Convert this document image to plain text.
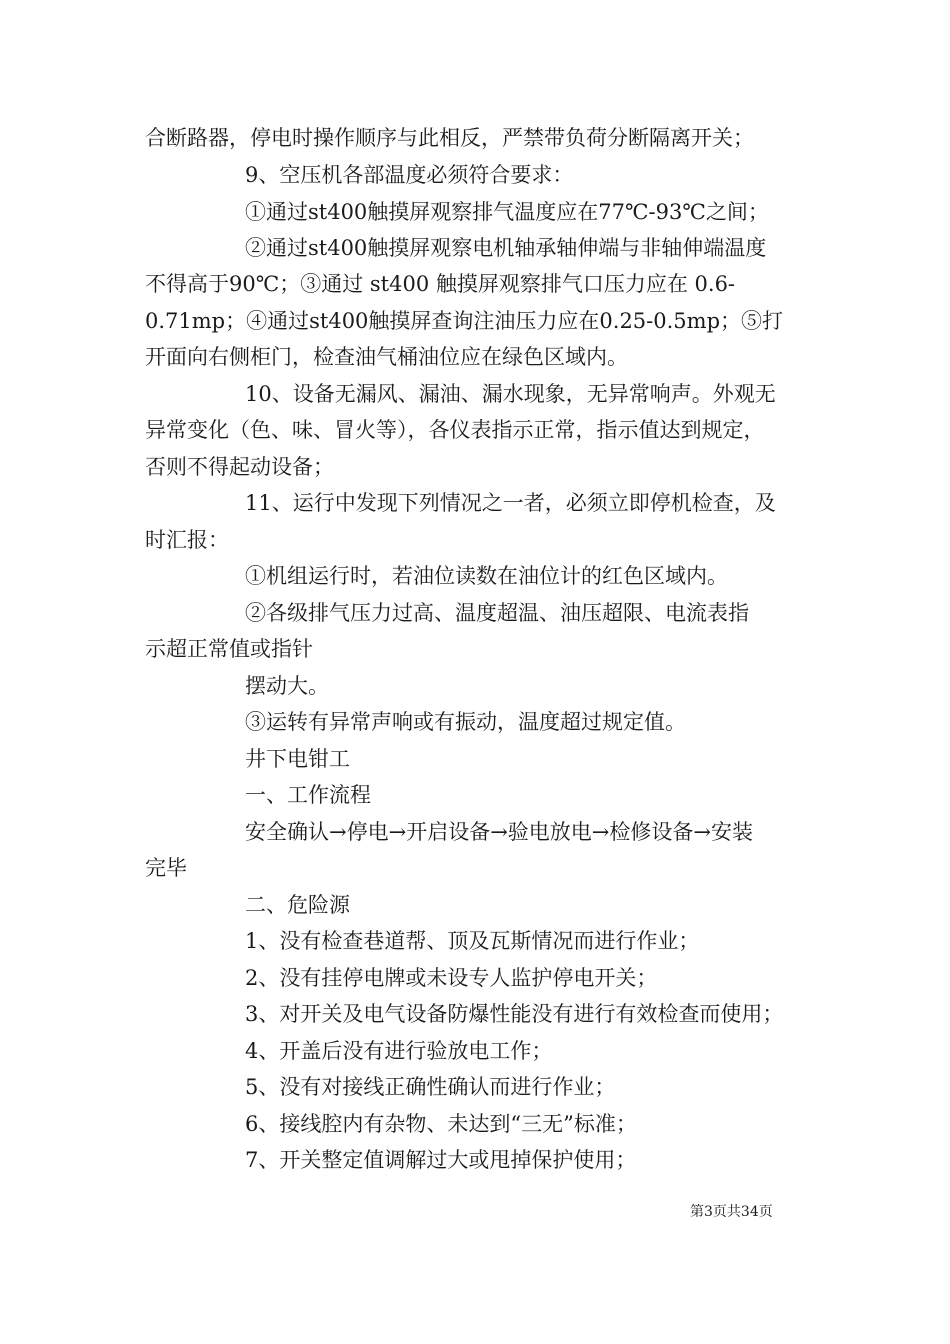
合断路器，停电时操作顺序与此相反，严禁带负荷分断隔离开关；
9、空压机各部温度必须符合要求：
①通过st400触摸屏观察排气温度应在77℃-93℃之间；
②通过st400触摸屏观察电机轴承轴伸端与非轴伸端温度
不得高于90℃；③通过 st400 触摸屏观察排气口压力应在 0.6-
0.71mp；④通过st400触摸屏查询注油压力应在0.25-0.5mp；⑤打
开面向右侧柜门，检查油气桶油位应在绿色区域内。
10、设备无漏风、漏油、漏水现象，无异常响声。外观无
异常变化（色、味、冒火等），各仪表指示正常，指示值达到规定，
否则不得起动设备；
11、运行中发现下列情况之一者，必须立即停机检查，及
时汇报：
①机组运行时，若油位读数在油位计的红色区域内。
②各级排气压力过高、温度超温、油压超限、电流表指
示超正常值或指针
摆动大。
③运转有异常声响或有振动，温度超过规定值。
井下电钳工
一、工作流程
安全确认→停电→开启设备→验电放电→检修设备→安装
完毕
二、危险源
1、没有检查巷道帮、顶及瓦斯情况而进行作业；
2、没有挂停电牌或未设专人监护停电开关；
3、对开关及电气设备防爆性能没有进行有效检查而使用；
4、开盖后没有进行验放电工作；
5、没有对接线正确性确认而进行作业；
6、接线腔内有杂物、未达到“三无”标准；
7、开关整定值调解过大或甩掉保护使用；
第3页共34页
